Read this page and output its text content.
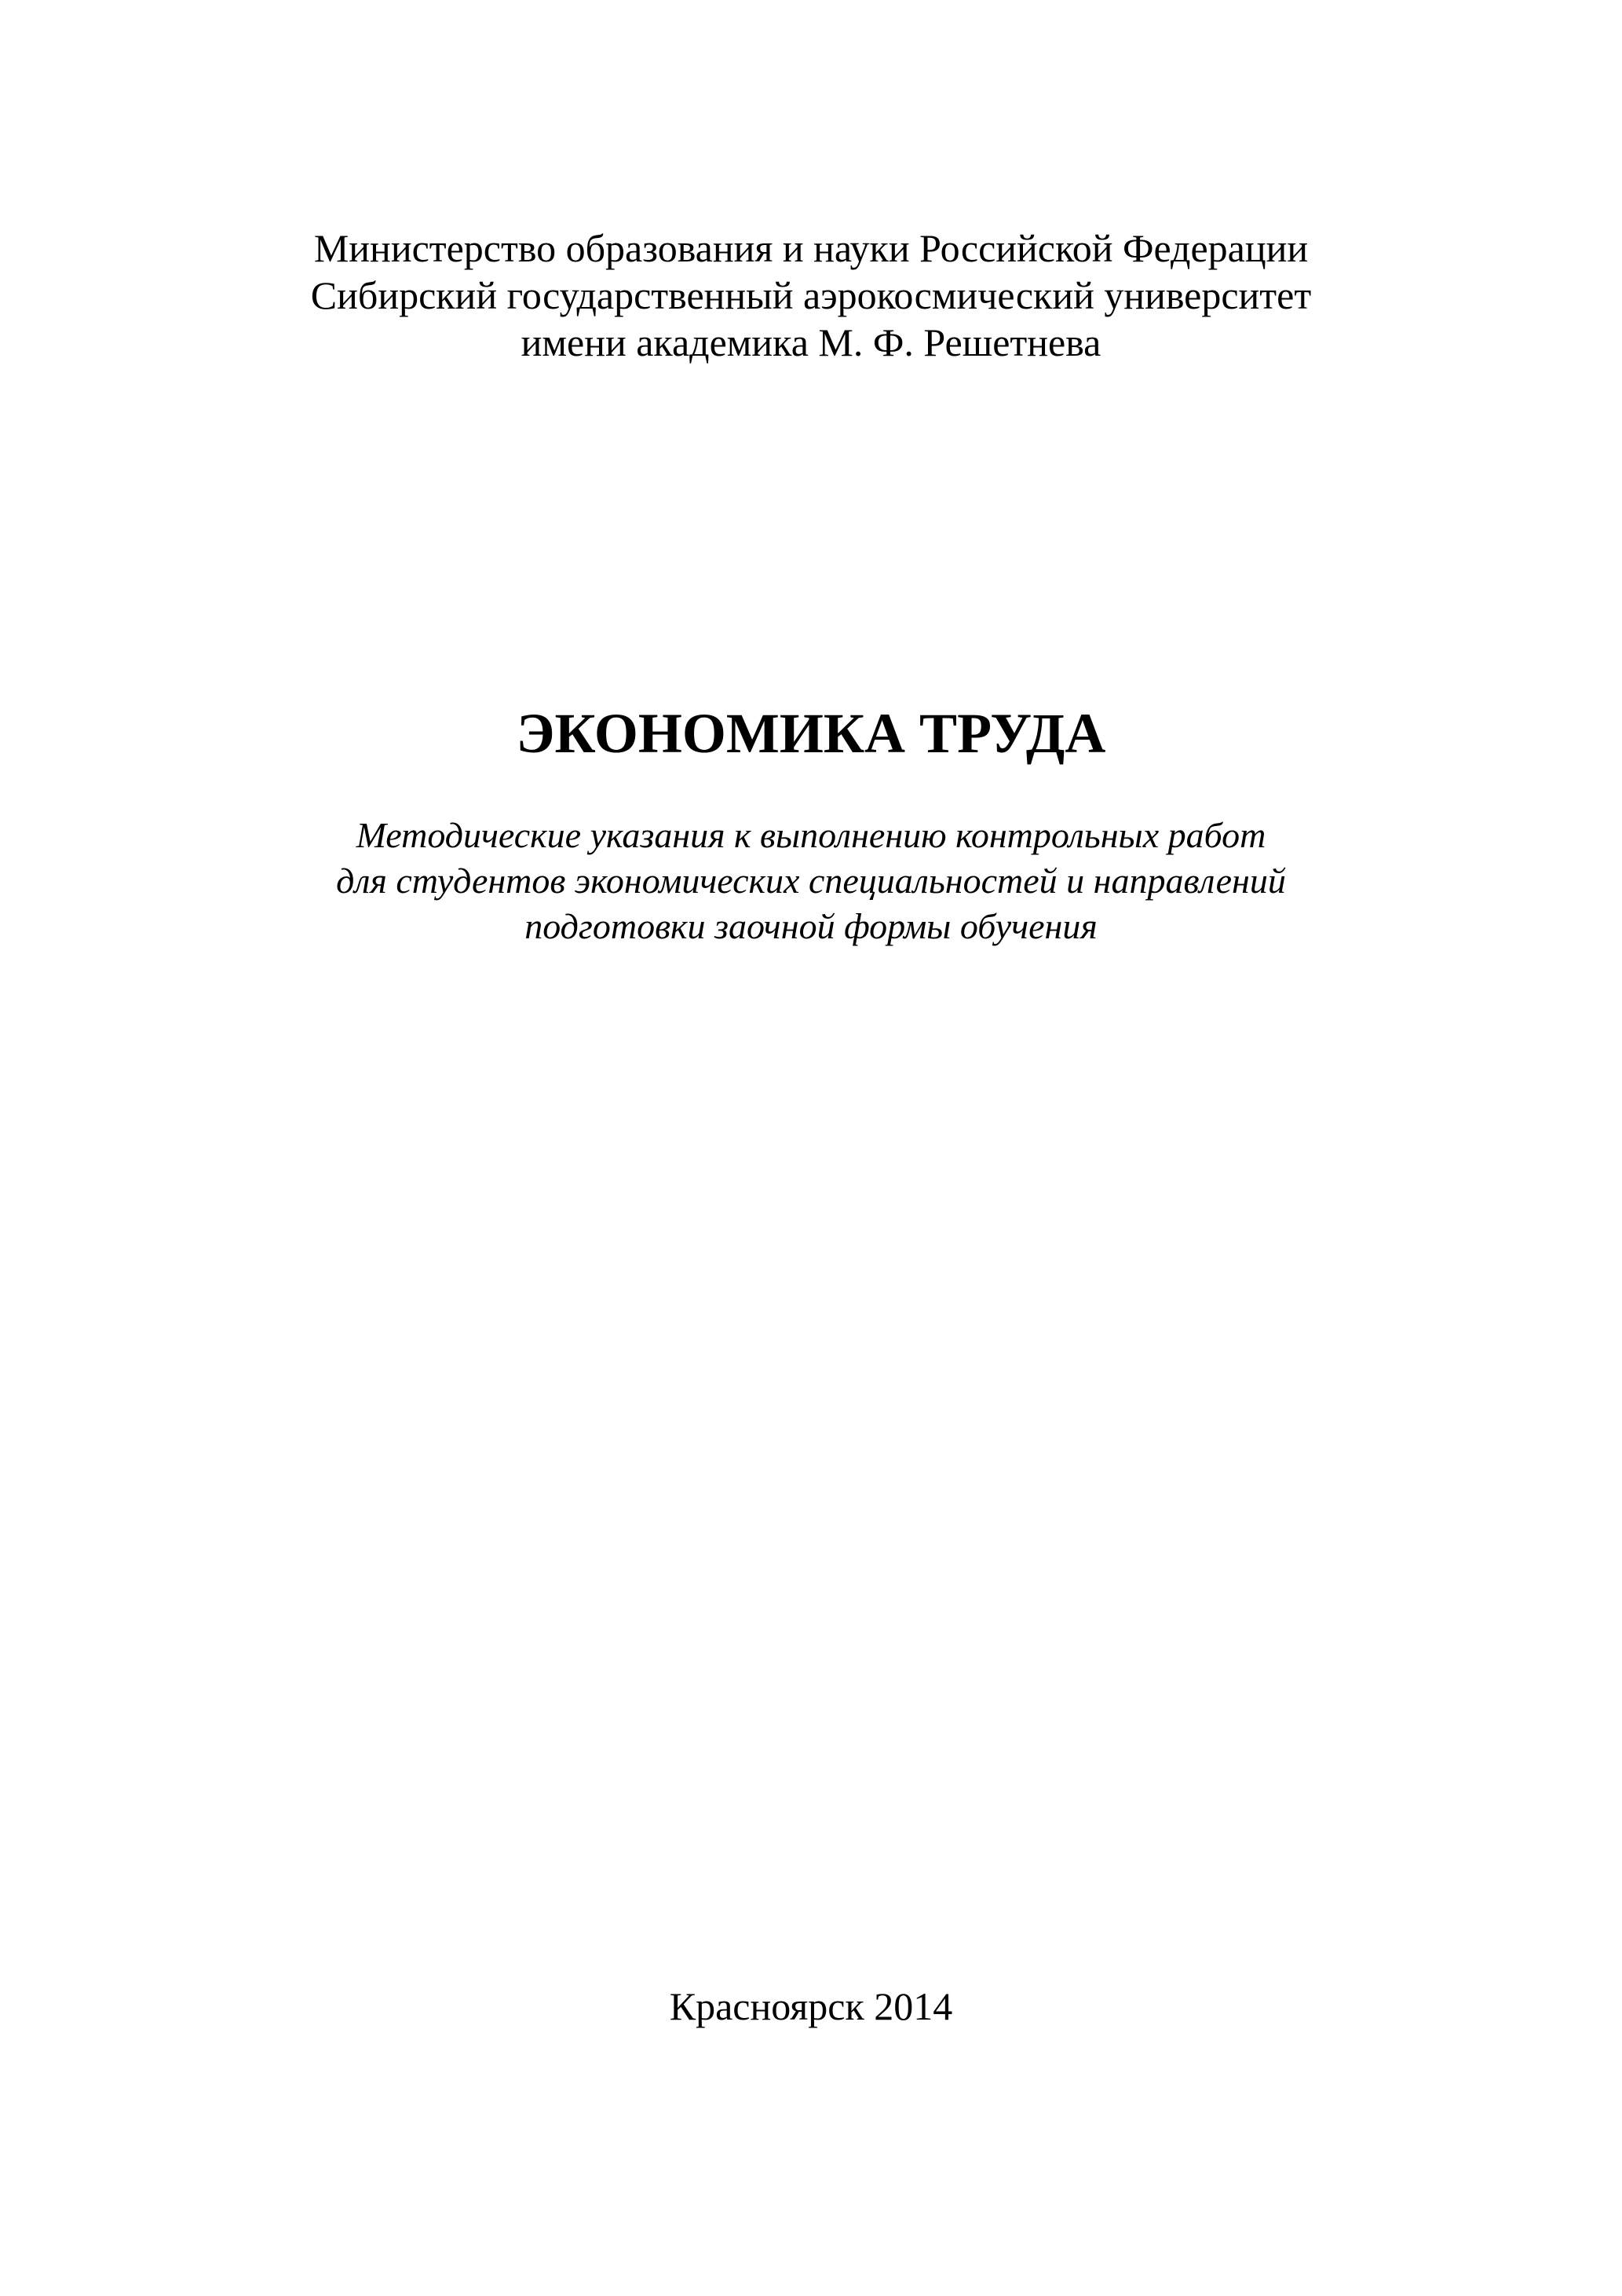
Министерство образования и науки Российской Федерации
Сибирский государственный аэрокосмический университет
имени академика М. Ф. Решетнева
ЭКОНОМИКА ТРУДА
Методические указания к выполнению контрольных работ
для студентов экономических специальностей и направлений
подготовки заочной формы обучения
Красноярск 2014
